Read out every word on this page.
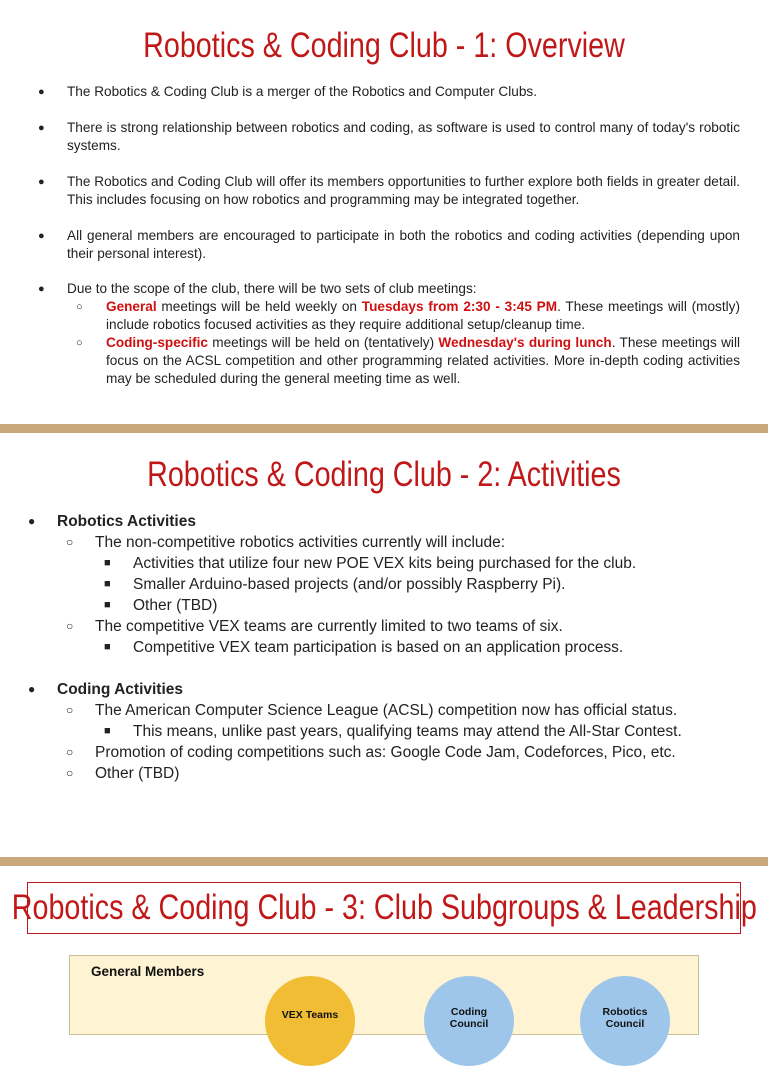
Robotics & Coding Club - 1: Overview
● The Robotics & Coding Club is a merger of the Robotics and Computer Clubs.
● There is strong relationship between robotics and coding, as software is used to control many of today's robotic systems.
● The Robotics and Coding Club will offer its members opportunities to further explore both fields in greater detail. This includes focusing on how robotics and programming may be integrated together.
● All general members are encouraged to participate in both the robotics and coding activities (depending upon their personal interest).
● Due to the scope of the club, there will be two sets of club meetings:
○ General meetings will be held weekly on Tuesdays from 2:30 - 3:45 PM. These meetings will (mostly) include robotics focused activities as they require additional setup/cleanup time.
○ Coding-specific meetings will be held on (tentatively) Wednesday's during lunch. These meetings will focus on the ACSL competition and other programming related activities. More in-depth coding activities may be scheduled during the general meeting time as well.
Robotics & Coding Club - 2: Activities
● Robotics Activities
○ The non-competitive robotics activities currently will include:
■ Activities that utilize four new POE VEX kits being purchased for the club.
■ Smaller Arduino-based projects (and/or possibly Raspberry Pi).
■ Other (TBD)
○ The competitive VEX teams are currently limited to two teams of six.
■ Competitive VEX team participation is based on an application process.
● Coding Activities
○ The American Computer Science League (ACSL) competition now has official status.
■ This means, unlike past years, qualifying teams may attend the All-Star Contest.
○ Promotion of coding competitions such as: Google Code Jam, Codeforces, Pico, etc.
○ Other (TBD)
Robotics & Coding Club - 3: Club Subgroups & Leadership
General Members
VEX Teams	Coding
Council
Robotics
Council
